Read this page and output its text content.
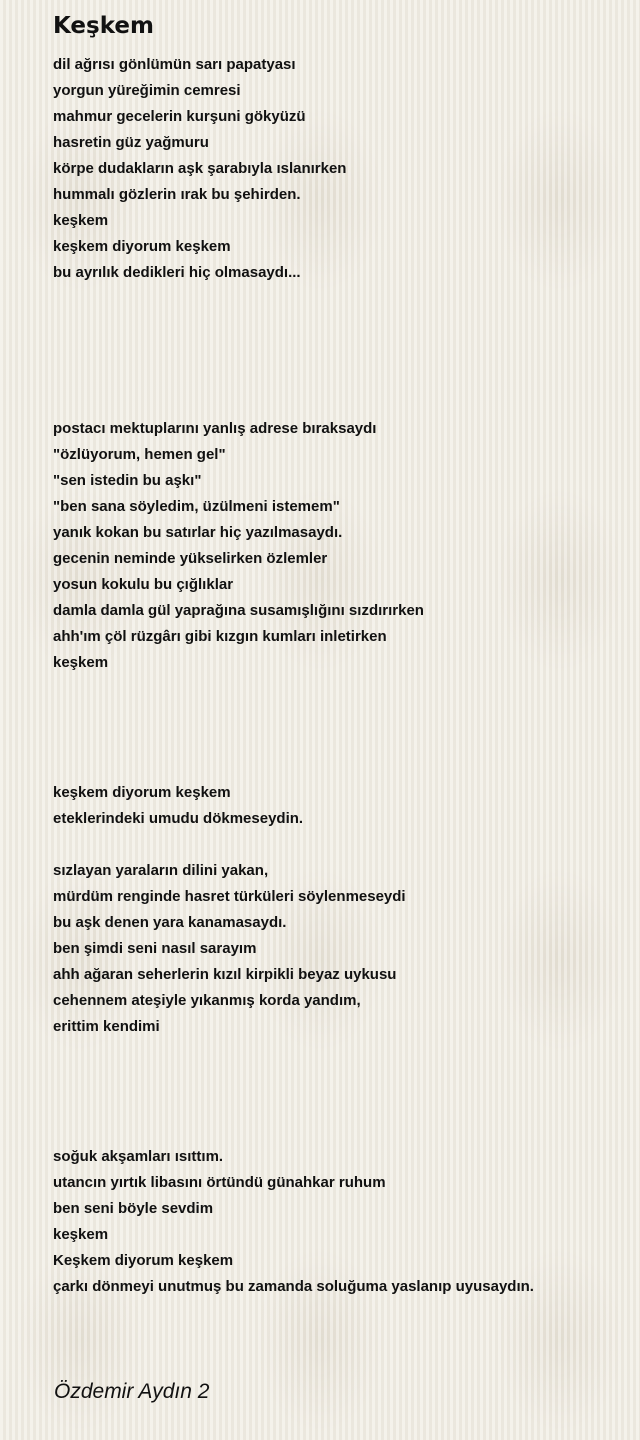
Keşkem
dil ağrısı gönlümün sarı papatyası
yorgun yüreğimin cemresi
mahmur gecelerin kurşuni gökyüzü
hasretin güz yağmuru
körpe dudakların aşk şarabıyla ıslanırken
hummalı gözlerin ırak bu şehirden.
keşkem
keşkem diyorum keşkem
bu ayrılık dedikleri hiç olmasaydı...
postacı mektuplarını yanlış adrese bıraksaydı
"özlüyorum, hemen gel"
"sen istedin bu aşkı"
"ben sana söyledim, üzülmeni istemem"
yanık kokan bu satırlar hiç yazılmasaydı.
gecenin neminde yükselirken özlemler
yosun kokulu bu çığlıklar
damla damla gül yaprağına susamışlığını sızdırırken
ahh'ım çöl rüzgârı gibi kızgın kumları inletirken
keşkem
keşkem diyorum keşkem
eteklerindeki umudu dökmeseydin.
sızlayan yaraların dilini yakan,
mürdüm renginde hasret türküleri söylenmeseydi
bu aşk denen yara kanamasaydı.
ben şimdi seni nasıl sarayım
ahh ağaran seherlerin kızıl kirpikli beyaz uykusu
cehennem ateşiyle yıkanmış korda yandım,
erittim kendimi
soğuk akşamları ısıttım.
utancın yırtık libasını örtündü günahkar ruhum
ben seni böyle sevdim
keşkem
Keşkem diyorum keşkem
çarkı dönmeyi unutmuş bu zamanda soluğuma yaslanıp uyusaydın.
Özdemir Aydın 2
